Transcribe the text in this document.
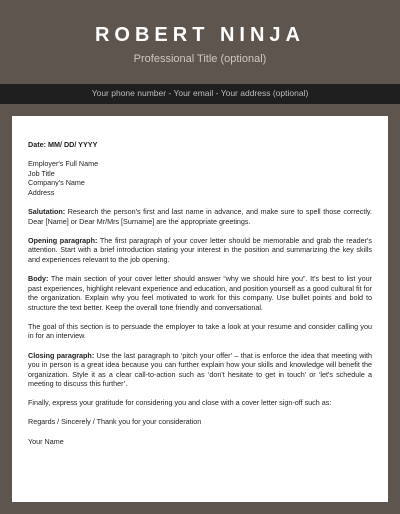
ROBERT NINJA
Professional Title (optional)
Your phone number - Your email - Your address (optional)

Date: MM/ DD/ YYYY

Employer's Full Name
Job Title
Company's Name
Address

Salutation: Research the person's first and last name in advance, and make sure to spell those correctly. Dear [Name] or Dear Mr/Mrs [Surname] are the appropriate greetings.

Opening paragraph: The first paragraph of your cover letter should be memorable and grab the reader's attention. Start with a brief introduction stating your interest in the position and summarizing the key skills and experiences relevant to the job opening.

Body: The main section of your cover letter should answer “why we should hire you”. It's best to list your past experiences, highlight relevant experience and education, and position yourself as a good cultural fit for the organization. Explain why you feel motivated to work for this company. Use bullet points and bold to structure the text better. Keep the overall tone friendly and conversational.

The goal of this section is to persuade the employer to take a look at your resume and consider calling you in for an interview.

Closing paragraph: Use the last paragraph to ‘pitch your offer’ – that is enforce the idea that meeting with you in person is a great idea because you can further explain how your skills and knowledge will benefit the organization. Style it as a clear call-to-action such as ‘don't hesitate to get in touch’ or ‘let's schedule a meeting to discuss this further’.

Finally, express your gratitude for considering you and close with a cover letter sign-off such as:

Regards / Sincerely / Thank you for your consideration

Your Name
